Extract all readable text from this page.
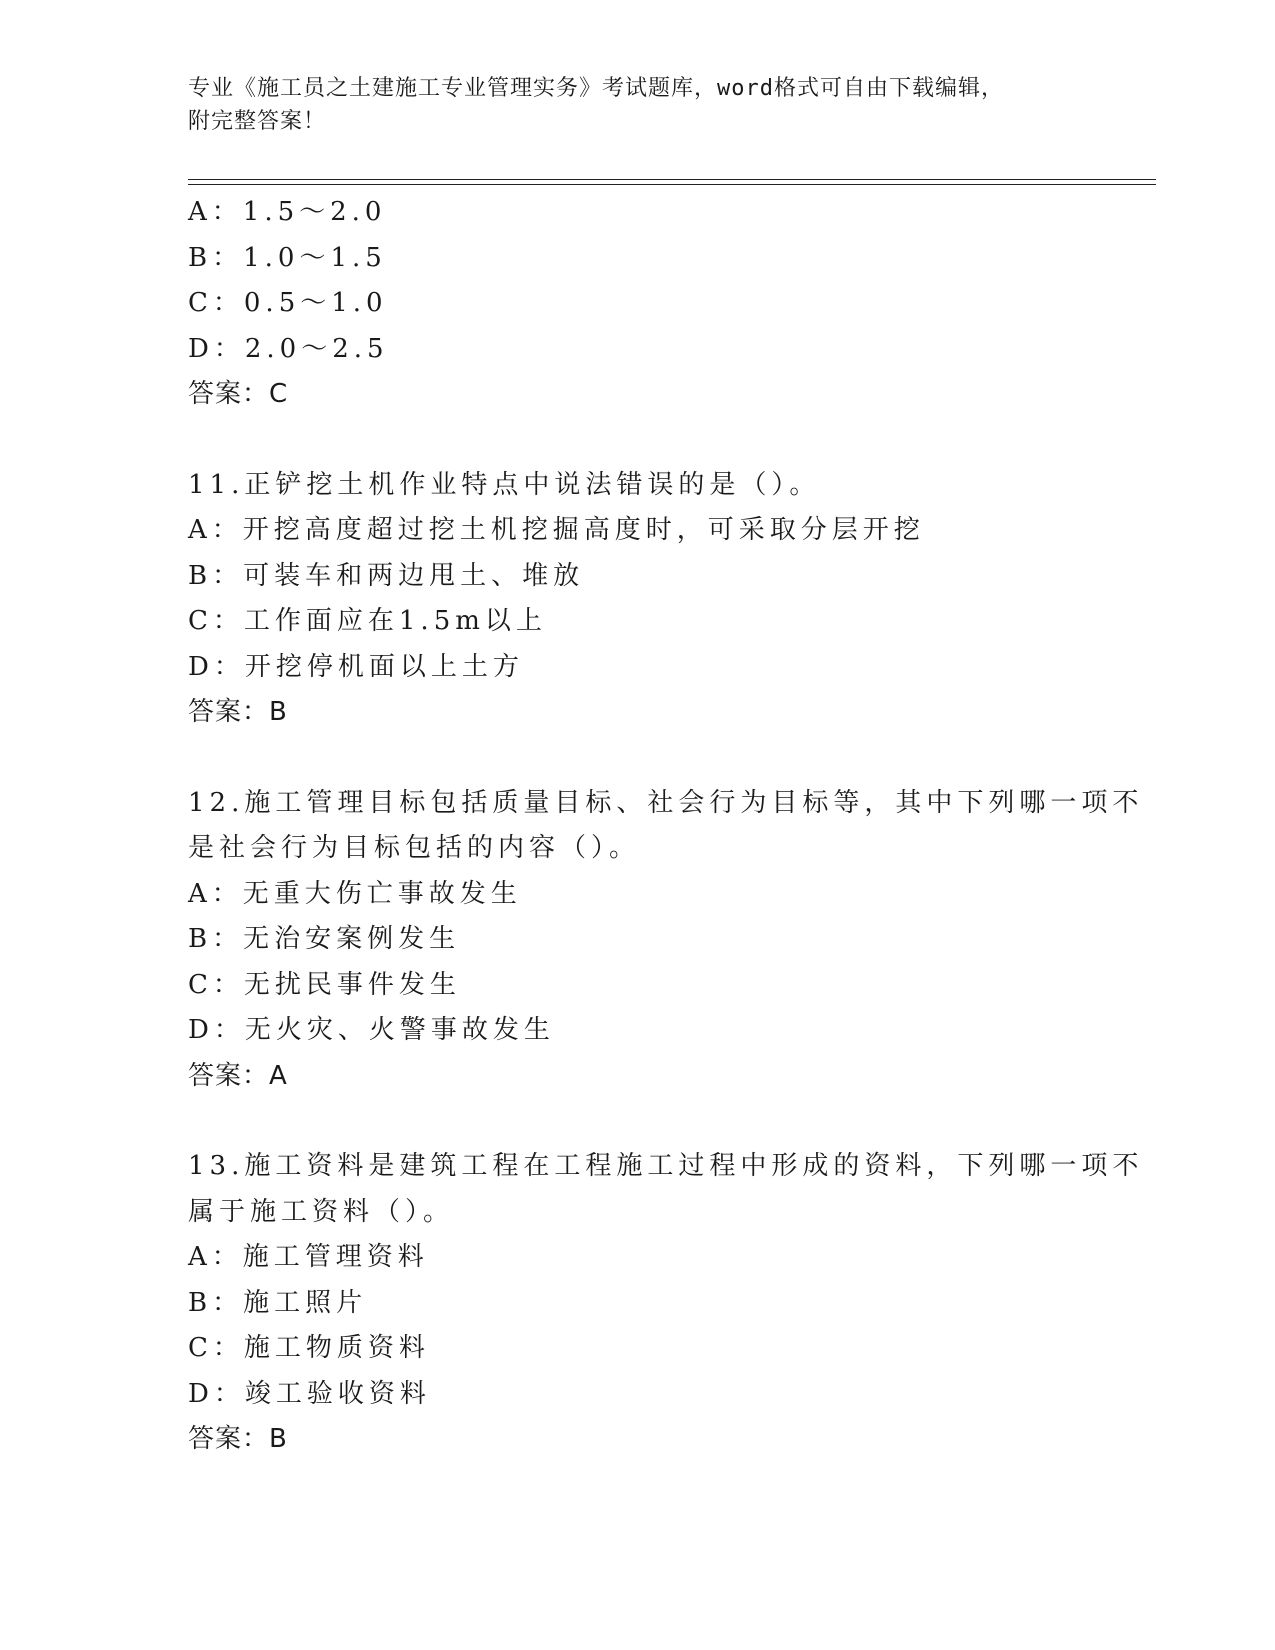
专业《施工员之土建施工专业管理实务》考试题库，word格式可自由下载编辑，
附完整答案！
A：1.5～2.0
B：1.0～1.5
C：0.5～1.0
D：2.0～2.5
答案：C
11.正铲挖土机作业特点中说法错误的是（）。
A：开挖高度超过挖土机挖掘高度时，可采取分层开挖
B：可装车和两边甩土、堆放
C：工作面应在1.5m以上
D：开挖停机面以上土方
答案：B
12.施工管理目标包括质量目标、社会行为目标等，其中下列哪一项不
是社会行为目标包括的内容（）。
A：无重大伤亡事故发生
B：无治安案例发生
C：无扰民事件发生
D：无火灾、火警事故发生
答案：A
13.施工资料是建筑工程在工程施工过程中形成的资料，下列哪一项不
属于施工资料（）。
A：施工管理资料
B：施工照片
C：施工物质资料
D：竣工验收资料
答案：B
